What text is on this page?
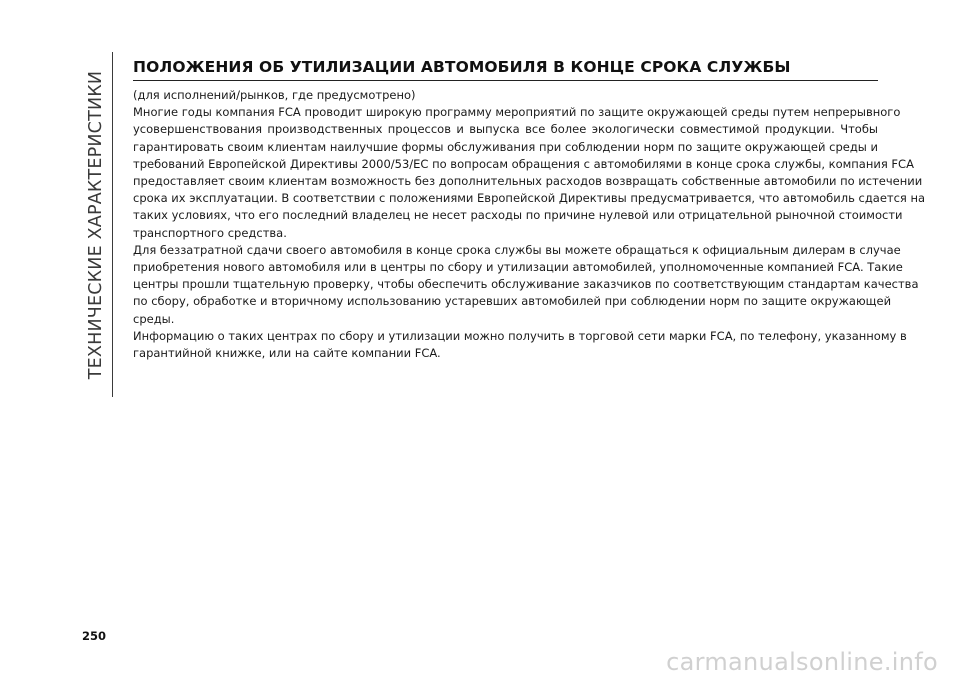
ТЕХНИЧЕСКИЕ ХАРАКТЕРИСТИКИ
ПОЛОЖЕНИЯ ОБ УТИЛИЗАЦИИ АВТОМОБИЛЯ В КОНЦЕ СРОКА СЛУЖБЫ

(для исполнений/рынков, где предусмотрено)

Многие годы компания FCA проводит широкую программу мероприятий по защите окружающей среды путем непрерывного
усовершенствования производственных процессов и выпуска все более экологически совместимой продукции. Чтобы
гарантировать своим клиентам наилучшие формы обслуживания при соблюдении норм по защите окружающей среды и
требований Европейской Директивы 2000/53/ЕС по вопросам обращения с автомобилями в конце срока службы, компания FCA
предоставляет своим клиентам возможность без дополнительных расходов возвращать собственные автомобили по истечении
срока их эксплуатации. В соответствии с положениями Европейской Директивы предусматривается, что автомобиль сдается на
таких условиях, что его последний владелец не несет расходы по причине нулевой или отрицательной рыночной стоимости
транспортного средства.
Для беззатратной сдачи своего автомобиля в конце срока службы вы можете обращаться к официальным дилерам в случае
приобретения нового автомобиля или в центры по сбору и утилизации автомобилей, уполномоченные компанией FCA. Такие
центры прошли тщательную проверку, чтобы обеспечить обслуживание заказчиков по соответствующим стандартам качества
по сбору, обработке и вторичному использованию устаревших автомобилей при соблюдении норм по защите окружающей
среды.
Информацию о таких центрах по сбору и утилизации можно получить в торговой сети марки FCA, по телефону, указанному в
гарантийной книжке, или на сайте компании FCA.
250
carmanualsonline.info
